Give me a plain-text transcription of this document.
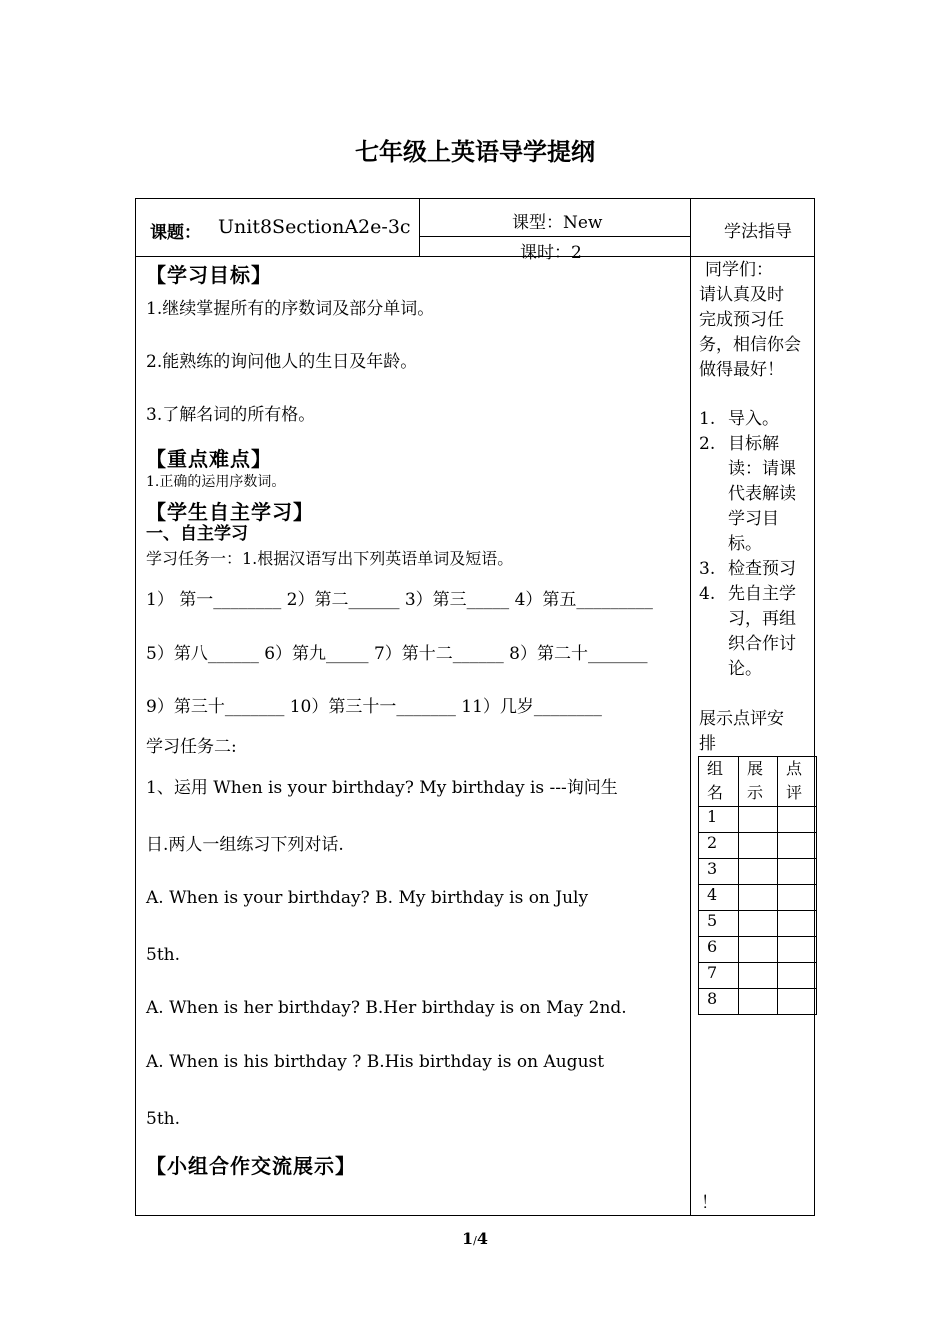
七年级上英语导学提纲
课题： Unit8SectionA2e-3c	课型：New
课时：2
学法指导
【学习目标】
1.继续掌握所有的序数词及部分单词。
2.能熟练的询问他人的生日及年龄。
3.了解名词的所有格。
【重点难点】
1.正确的运用序数词。
【学生自主学习】
一、自主学习
学习任务一：1.根据汉语写出下列英语单词及短语。
1） 第一________ 2）第二______ 3）第三_____ 4）第五_________
5）第八______ 6）第九_____ 7）第十二______ 8）第二十_______
9）第三十_______ 10）第三十一_______ 11）几岁________
学习任务二:
1、运用 When is your birthday? My birthday is ---询问生
日.两人一组练习下列对话.
A. When is your birthday? B. My birthday is on July
5th.
A. When is her birthday? B.Her birthday is on May 2nd.
A. When is his birthday ? B.His birthday is on August
5th.
【小组合作交流展示】
同学们：
请认真及时
完成预习任
务，相信你会
做得最好！
1. 导入。
2. 目标解
读：请课
代表解读
学习目
标。
3. 检查预习
4. 先自主学
习，再组
织合作讨
论。
展示点评安
排
组名	展示	点评

1		
2		
3		
4		
5		
6		
7		
8		
！
1/4
